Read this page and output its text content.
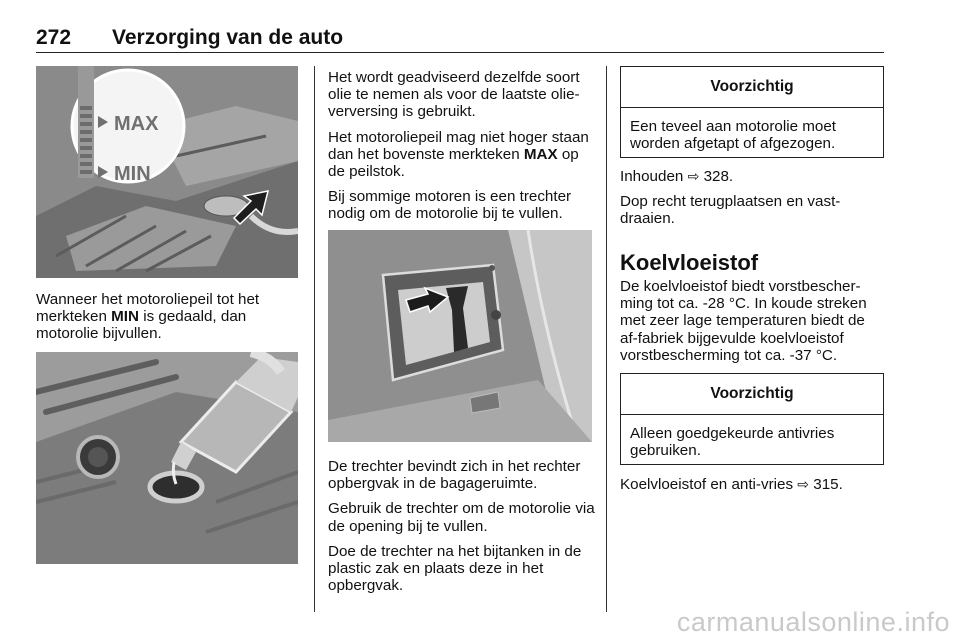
272 Verzorging van de auto
MAX
MIN
Wanneer het motoroliepeil tot het merkteken MIN is gedaald, dan motorolie bijvullen.

Het wordt geadviseerd dezelfde soort olie te nemen als voor de laatste olieverversing is gebruikt.

Het motoroliepeil mag niet hoger staan dan het bovenste merkteken MAX op de peilstok.

Bij sommige motoren is een trechter nodig om de motorolie bij te vullen.

De trechter bevindt zich in het rechter opbergvak in de bagageruimte.

Gebruik de trechter om de motorolie via de opening bij te vullen.

Doe de trechter na het bijtanken in de plastic zak en plaats deze in het opbergvak.

Voorzichtig
Een teveel aan motorolie moet worden afgetapt of afgezogen.

Inhouden ⇨ 328.

Dop recht terugplaatsen en vastdraaien.

Koelvloeistof
De koelvloeistof biedt vorstbescherming tot ca. -28 °C. In koude streken met zeer lage temperaturen biedt de af-fabriek bijgevulde koelvloeistof vorstbescherming tot ca. -37 °C.
Voorzichtig
Alleen goedgekeurde antivries gebruiken.
Koelvloeistof en anti-vries ⇨ 315.
carmanualsonline.info
